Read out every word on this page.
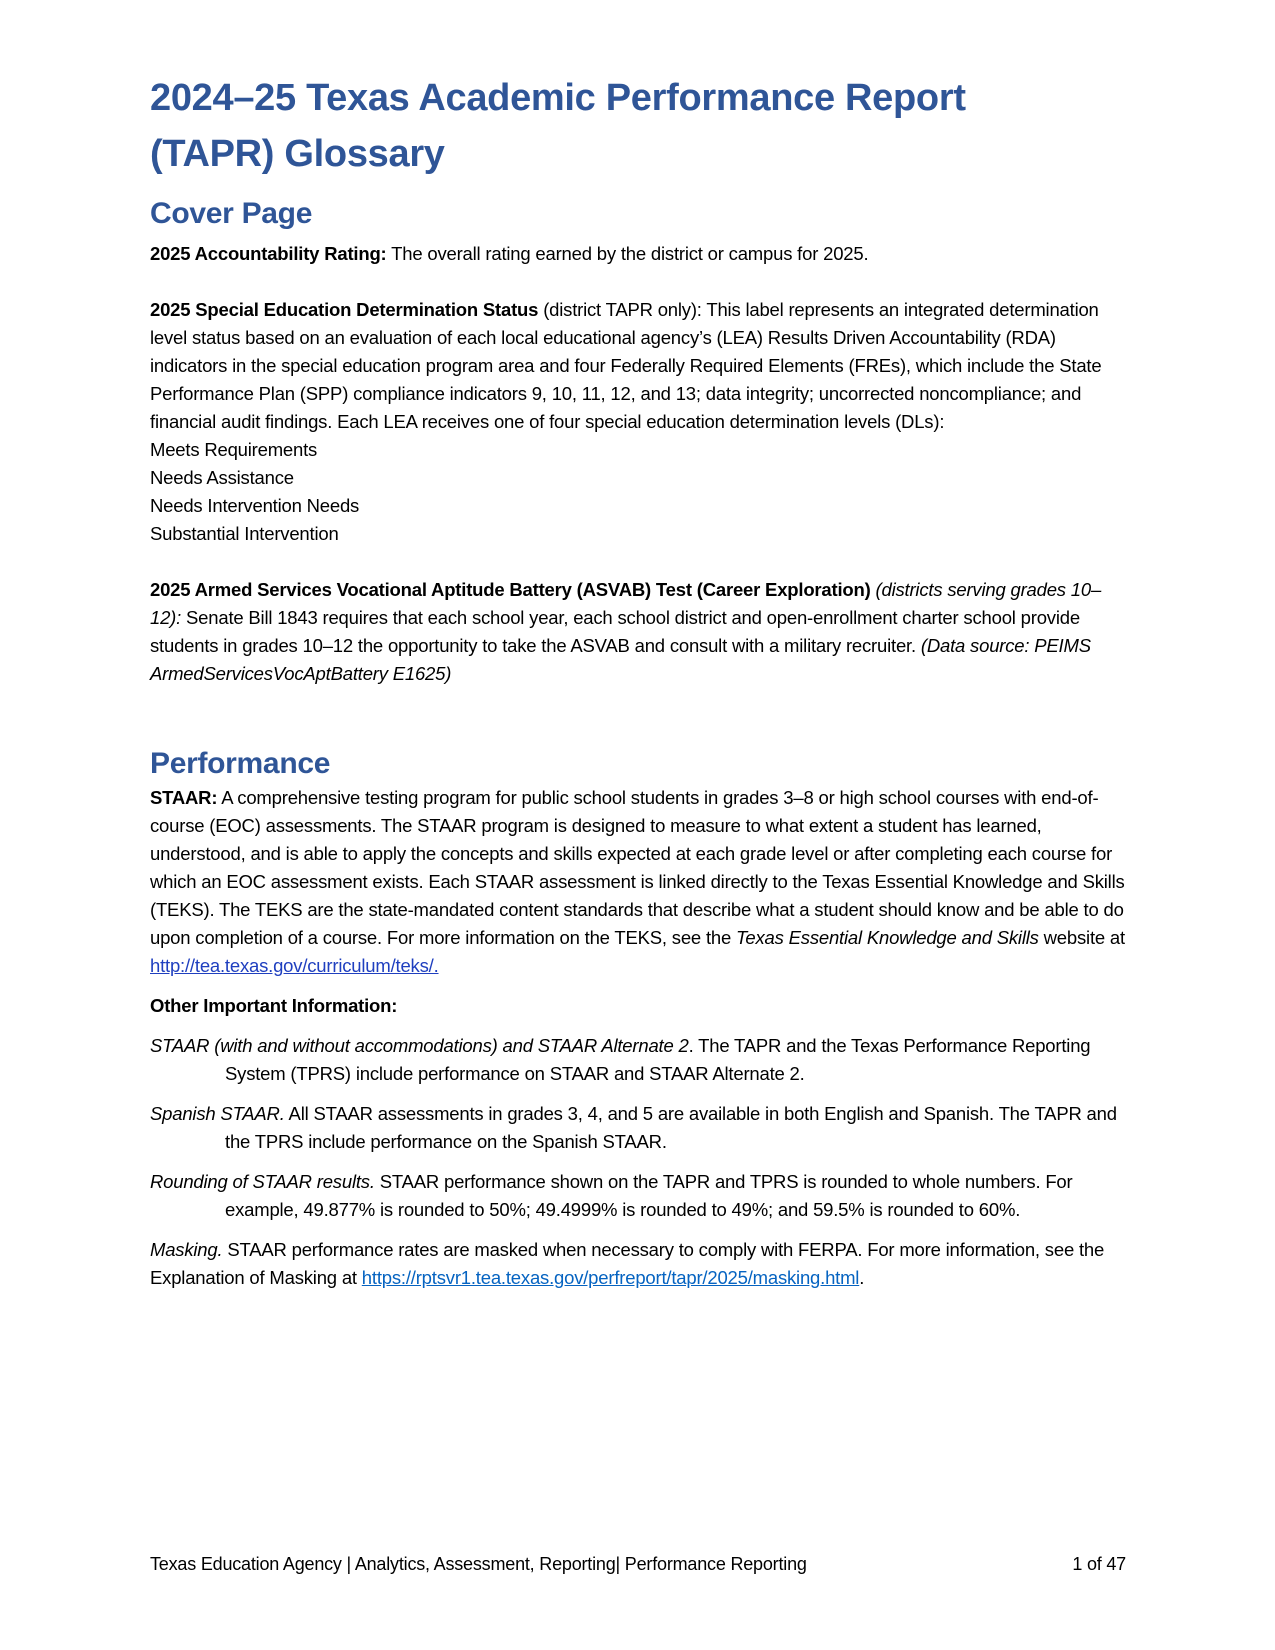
2024–25 Texas Academic Performance Report
(TAPR) Glossary
Cover Page

2025 Accountability Rating: The overall rating earned by the district or campus for 2025.

2025 Special Education Determination Status (district TAPR only): This label represents an integrated determination level status based on an evaluation of each local educational agency’s (LEA) Results Driven Accountability (RDA) indicators in the special education program area and four Federally Required Elements (FREs), which include the State Performance Plan (SPP) compliance indicators 9, 10, 11, 12, and 13; data integrity; uncorrected noncompliance; and financial audit findings. Each LEA receives one of four special education determination levels (DLs):

Meets Requirements
Needs Assistance
Needs Intervention Needs
Substantial Intervention

2025 Armed Services Vocational Aptitude Battery (ASVAB) Test (Career Exploration) (districts serving grades 10–12): Senate Bill 1843 requires that each school year, each school district and open-enrollment charter school provide students in grades 10–12 the opportunity to take the ASVAB and consult with a military recruiter. (Data source: PEIMS ArmedServicesVocAptBattery E1625)

Performance

STAAR: A comprehensive testing program for public school students in grades 3–8 or high school courses with end-of-course (EOC) assessments. The STAAR program is designed to measure to what extent a student has learned, understood, and is able to apply the concepts and skills expected at each grade level or after completing each course for which an EOC assessment exists. Each STAAR assessment is linked directly to the Texas Essential Knowledge and Skills (TEKS). The TEKS are the state-mandated content standards that describe what a student should know and be able to do upon completion of a course. For more information on the TEKS, see the Texas Essential Knowledge and Skills website at http://tea.texas.gov/curriculum/teks/.

Other Important Information:

STAAR (with and without accommodations) and STAAR Alternate 2. The TAPR and the Texas Performance Reporting System (TPRS) include performance on STAAR and STAAR Alternate 2.

Spanish STAAR. All STAAR assessments in grades 3, 4, and 5 are available in both English and Spanish. The TAPR and the TPRS include performance on the Spanish STAAR.

Rounding of STAAR results. STAAR performance shown on the TAPR and TPRS is rounded to whole numbers. For example, 49.877% is rounded to 50%; 49.4999% is rounded to 49%; and 59.5% is rounded to 60%.

Masking. STAAR performance rates are masked when necessary to comply with FERPA. For more information, see the Explanation of Masking at https://rptsvr1.tea.texas.gov/perfreport/tapr/2025/masking.html.

Texas Education Agency | Analytics, Assessment, Reporting| Performance Reporting	1 of 47
